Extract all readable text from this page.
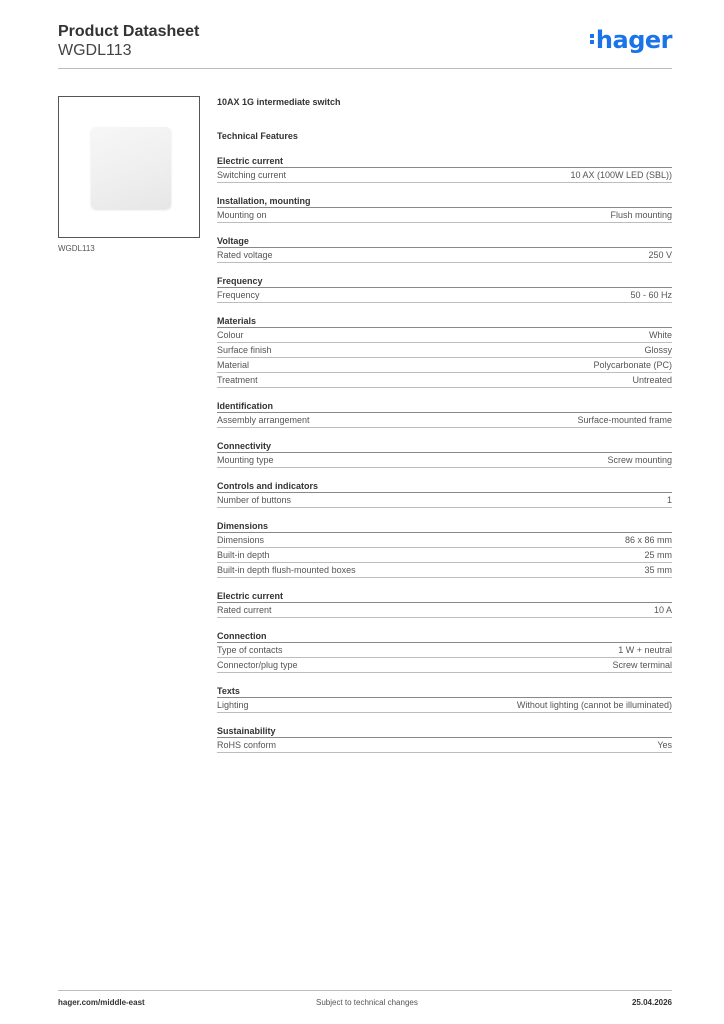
Product Datasheet
WGDL113	hager
WGDL113
10AX 1G intermediate switch
Technical Features
Electric current
Switching current	10 AX (100W LED (SBL))
Installation, mounting
Mounting on	Flush mounting
Voltage
Rated voltage	250 V
Frequency
Frequency	50 - 60 Hz
Materials
Colour	White
Surface finish	Glossy
Material	Polycarbonate (PC)
Treatment	Untreated
Identification
Assembly arrangement	Surface-mounted frame
Connectivity
Mounting type	Screw mounting
Controls and indicators
Number of buttons	1
Dimensions
Dimensions	86 x 86 mm
Built-in depth	25 mm
Built-in depth flush-mounted boxes	35 mm
Electric current
Rated current	10 A
Connection
Type of contacts	1 W + neutral
Connector/plug type	Screw terminal
Texts
Lighting	Without lighting (cannot be illuminated)
Sustainability
RoHS conform	Yes
hager.com/middle-east	Subject to technical changes	25.04.2026
